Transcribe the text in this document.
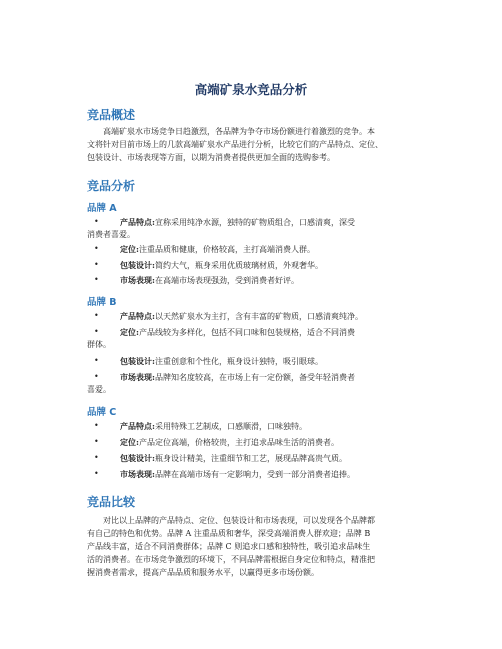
高端矿泉水竞品分析
竞品概述
高端矿泉水市场竞争日趋激烈，各品牌为争夺市场份额进行着激烈的竞争。本
文将针对目前市场上的几款高端矿泉水产品进行分析，比较它们的产品特点、定位、
包装设计、市场表现等方面，以期为消费者提供更加全面的选购参考。
竞品分析
品牌 A
•	产品特点:宣称采用纯净水源，独特的矿物质组合，口感清爽，深受
消费者喜爱。
•	定位:注重品质和健康，价格较高，主打高端消费人群。
•	包装设计:简约大气，瓶身采用优质玻璃材质，外观奢华。
•	市场表现:在高端市场表现强劲，受到消费者好评。
品牌 B
•	产品特点:以天然矿泉水为主打，含有丰富的矿物质，口感清爽纯净。
•	定位:产品线较为多样化，包括不同口味和包装规格，适合不同消费
群体。
•	包装设计:注重创意和个性化，瓶身设计独特，吸引眼球。
•	市场表现:品牌知名度较高，在市场上有一定份额，备受年轻消费者
喜爱。
品牌 C
•	产品特点:采用特殊工艺制成，口感顺滑，口味独特。
•	定位:产品定位高端，价格较贵，主打追求品味生活的消费者。
•	包装设计:瓶身设计精美，注重细节和工艺，展现品牌高贵气质。
•	市场表现:品牌在高端市场有一定影响力，受到一部分消费者追捧。
竞品比较
对比以上品牌的产品特点、定位、包装设计和市场表现，可以发现各个品牌都
有自己的特色和优势。品牌 A 注重品质和奢华，深受高端消费人群欢迎；品牌 B
产品线丰富，适合不同消费群体；品牌 C 则追求口感和独特性，吸引追求品味生
活的消费者。在市场竞争激烈的环境下，不同品牌需根据自身定位和特点，精准把
握消费者需求，提高产品品质和服务水平，以赢得更多市场份额。
